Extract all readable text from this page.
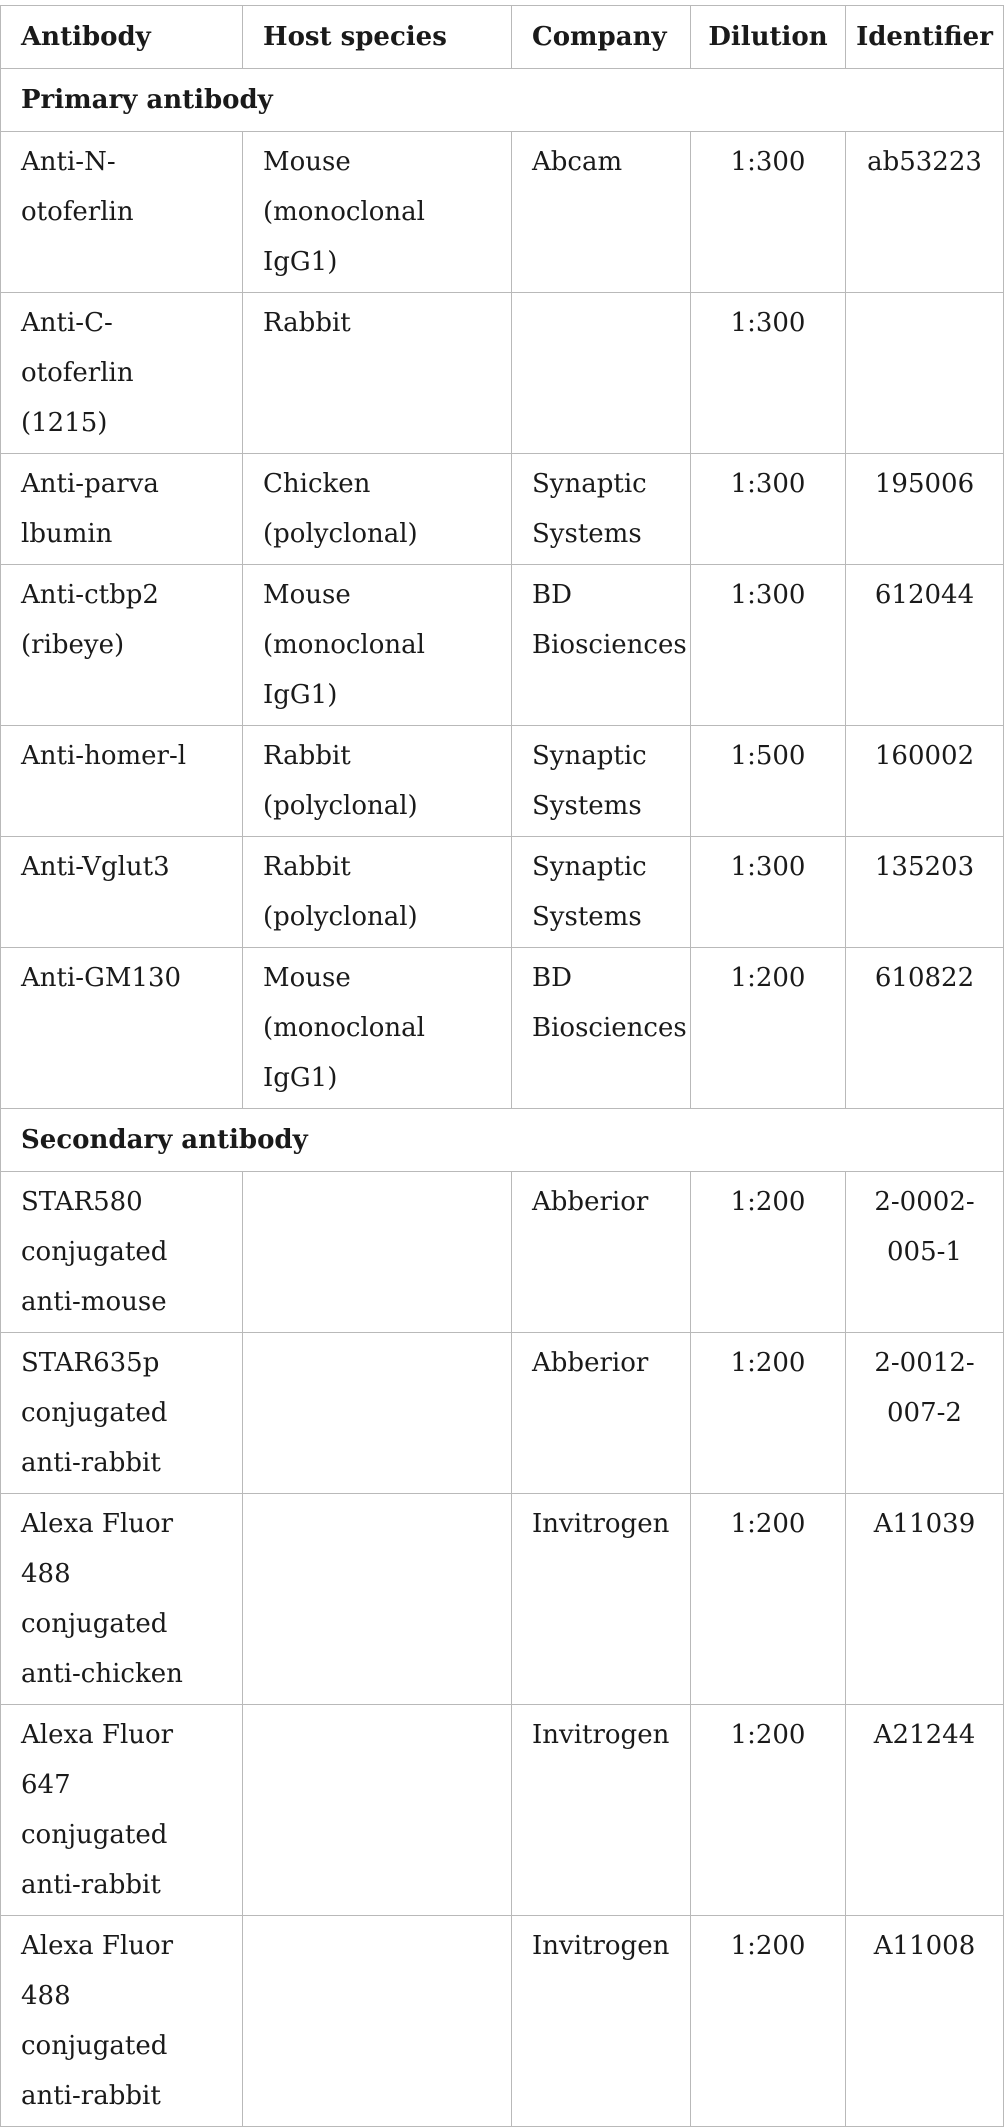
Antibody	Host species	Company	Dilution	Identifier
Primary antibody				
Anti-N-otoferlin	Mouse (monoclonal IgG1)	Abcam	1:300	ab53223
Anti-C-otoferlin (1215)	Rabbit		1:300	
Anti-parva lbumin	Chicken (polyclonal)	Synaptic Systems	1:300	195006
Anti-ctbp2 (ribeye)	Mouse (monoclonal IgG1)	BD Biosciences	1:300	612044
Anti-homer-l	Rabbit (polyclonal)	Synaptic Systems	1:500	160002
Anti-Vglut3	Rabbit (polyclonal)	Synaptic Systems	1:300	135203
Anti-GM130	Mouse (monoclonal IgG1)	BD Biosciences	1:200	610822
Secondary antibody				
STAR580 conjugated anti-mouse		Abberior	1:200	2-0002-005-1
STAR635p conjugated anti-rabbit		Abberior	1:200	2-0012-007-2
Alexa Fluor 488 conjugated anti-chicken		Invitrogen	1:200	A11039
Alexa Fluor 647 conjugated anti-rabbit		Invitrogen	1:200	A21244
Alexa Fluor 488 conjugated anti-rabbit		Invitrogen	1:200	A11008
